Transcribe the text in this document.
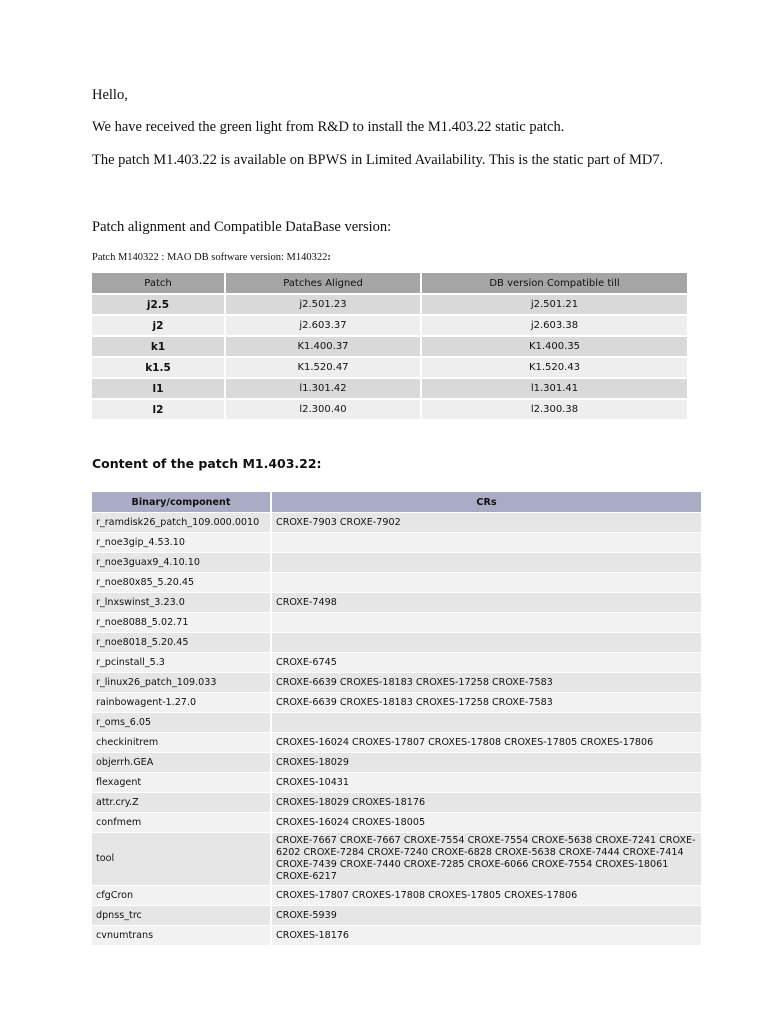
Hello,
We have received the green light from R&D to install the M1.403.22 static patch.
The patch M1.403.22 is available on BPWS in Limited Availability. This is the static part of MD7.
Patch alignment and Compatible DataBase version:
Patch M140322 : MAO DB software version: M140322:
Patch	Patches Aligned	DB version Compatible till
j2.5	j2.501.23	j2.501.21
j2	j2.603.37	j2.603.38
k1	K1.400.37	K1.400.35
k1.5	K1.520.47	K1.520.43
l1	l1.301.42	l1.301.41
l2	l2.300.40	l2.300.38
Content of the patch M1.403.22:
Binary/component	CRs
r_ramdisk26_patch_109.000.0010	CROXE-7903 CROXE-7902
r_noe3gip_4.53.10	
r_noe3guax9_4.10.10	
r_noe80x85_5.20.45	
r_lnxswinst_3.23.0	CROXE-7498
r_noe8088_5.02.71	
r_noe8018_5.20.45	
r_pcinstall_5.3	CROXE-6745
r_linux26_patch_109.033	CROXE-6639 CROXES-18183 CROXES-17258 CROXE-7583
rainbowagent-1.27.0	CROXE-6639 CROXES-18183 CROXES-17258 CROXE-7583
r_oms_6.05	
checkinitrem	CROXES-16024 CROXES-17807 CROXES-17808 CROXES-17805 CROXES-17806
objerrh.GEA	CROXES-18029
flexagent	CROXES-10431
attr.cry.Z	CROXES-18029 CROXES-18176
confmem	CROXES-16024 CROXES-18005
tool	CROXE-7667 CROXE-7667 CROXE-7554 CROXE-7554 CROXE-5638 CROXE-7241 CROXE-6202 CROXE-7284 CROXE-7240 CROXE-6828 CROXE-5638 CROXE-7444 CROXE-7414 CROXE-7439 CROXE-7440 CROXE-7285 CROXE-6066 CROXE-7554 CROXES-18061 CROXE-6217
cfgCron	CROXES-17807 CROXES-17808 CROXES-17805 CROXES-17806
dpnss_trc	CROXE-5939
cvnumtrans	CROXES-18176
